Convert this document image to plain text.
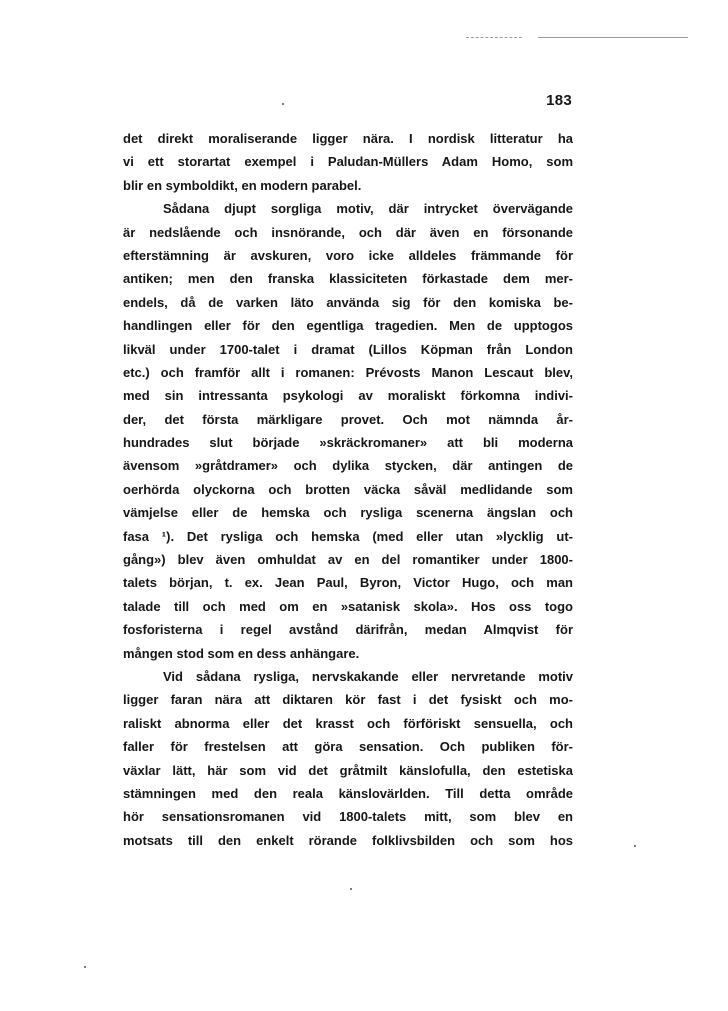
183
det direkt moraliserande ligger nära. I nordisk litteratur ha
vi ett storartat exempel i Paludan-Müllers Adam Homo, som
blir en symboldikt, en modern parabel.
Sådana djupt sorgliga motiv, där intrycket övervägande
är nedslående och insnörande, och där även en försonande
efterstämning är avskuren, voro icke alldeles främmande för
antiken; men den franska klassiciteten förkastade dem mer-
endels, då de varken läto använda sig för den komiska be-
handlingen eller för den egentliga tragedien. Men de upptogos
likväl under 1700-talet i dramat (Lillos Köpman från London
etc.) och framför allt i romanen: Prévosts Manon Lescaut blev,
med sin intressanta psykologi av moraliskt förkomna indivi-
der, det första märkligare provet. Och mot nämnda år-
hundrades slut började »skräckromaner» att bli moderna
ävensom »gråtdramer» och dylika stycken, där antingen de
oerhörda olyckorna och brotten väcka såväl medlidande som
vämjelse eller de hemska och rysliga scenerna ängslan och
fasa ¹). Det rysliga och hemska (med eller utan »lycklig ut-
gång») blev även omhuldat av en del romantiker under 1800-
talets början, t. ex. Jean Paul, Byron, Victor Hugo, och man
talade till och med om en »satanisk skola». Hos oss togo
fosforisterna i regel avstånd därifrån, medan Almqvist för
mången stod som en dess anhängare.
Vid sådana rysliga, nervskakande eller nervretande motiv
ligger faran nära att diktaren kör fast i det fysiskt och mo-
raliskt abnorma eller det krasst och förföriskt sensuella, och
faller för frestelsen att göra sensation. Och publiken för-
växlar lätt, här som vid det gråtmilt känslofulla, den estetiska
stämningen med den reala känslovärlden. Till detta område
hör sensationsromanen vid 1800-talets mitt, som blev en
motsats till den enkelt rörande folklivsbilden och som hos
